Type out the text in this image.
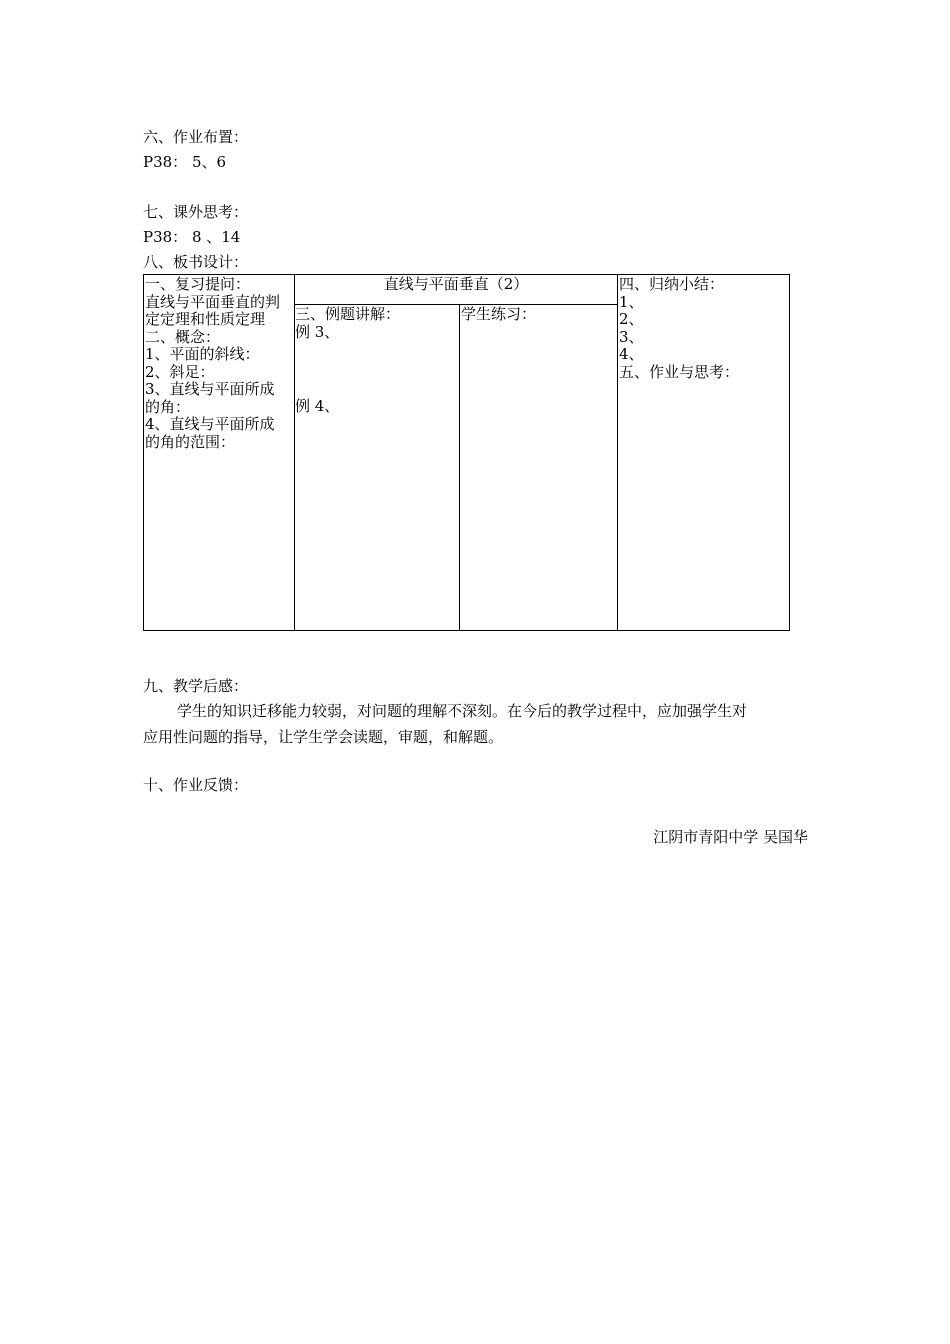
六、作业布置：
P38： 5、6
七、课外思考：
P38： 8 、14
八、板书设计：
一、复习提问：
直线与平面垂直的判
定定理和性质定理
二、概念：
1、平面的斜线：
2、斜足：
3、直线与平面所成
的角：
4、直线与平面所成
的角的范围：
直线与平面垂直（2）
三、例题讲解：
例 3、
例 4、
学生练习：
四、归纳小结：
1、
2、
3、
4、
五、作业与思考：
九、教学后感：
学生的知识迁移能力较弱，对问题的理解不深刻。在今后的教学过程中，应加强学生对
应用性问题的指导，让学生学会读题，审题，和解题。
十、作业反馈：
江阴市青阳中学 吴国华
